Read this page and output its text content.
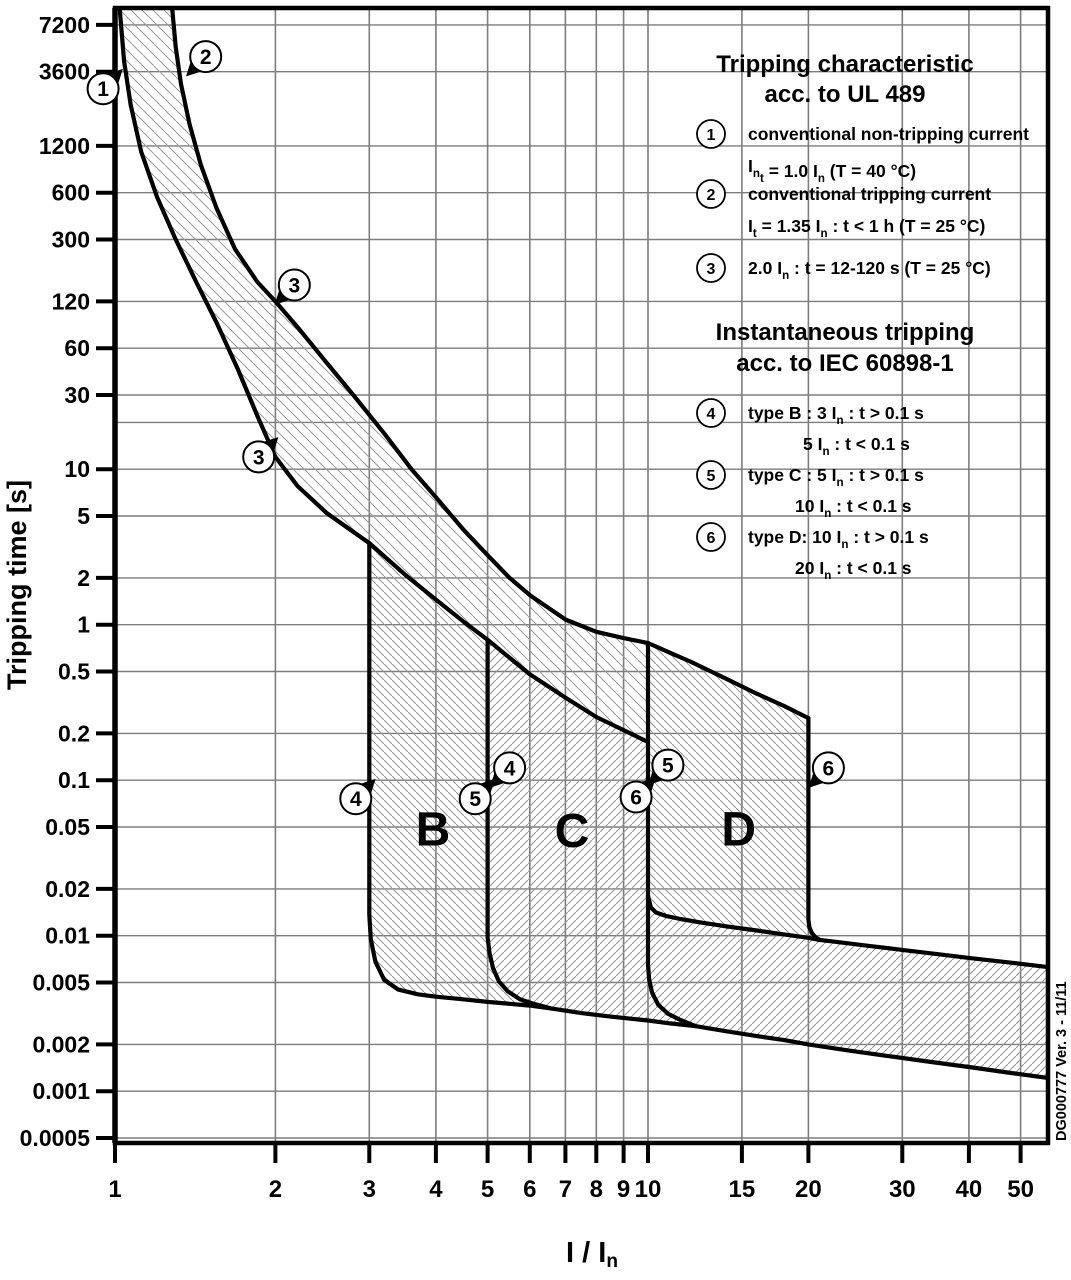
7200
3600
1200
600
300
120
60
30
10
5
2
1
0.5
0.2
0.1
0.05
0.02
0.01
0.005
0.002
0.001
0.0005
1	2	3 4 5 6 7 8 9 10	15 20	30 40 50
B C	D
1
2
3
3
4
4
5
5
6
6
Tripping characteristic
acc. to UL 489
1 conventional non-tripping current
$I_{nt} = 1.0$ $I_n$ (T = 40 °C)
2 conventional tripping current
$I_t = 1.35$ $I_n$ : t < 1 h (T = 25 °C)
3 2.0 $I_n$ : t = 12-120 s (T = 25 °C)
Instantaneous tripping
acc. to IEC 60898-1
4 type B : 3 $I_n$ : t > 0.1 s
5 $I_n$ : t < 0.1 s
5 type C : 5 $I_n$ : t > 0.1 s
10 $I_n$ : t < 0.1 s
6 type D: 10 $I_n$ : t > 0.1 s
20 $I_n$ : t < 0.1 s
Tripping time [s]
I / In
DG000777 Ver. 3 - 11/11
